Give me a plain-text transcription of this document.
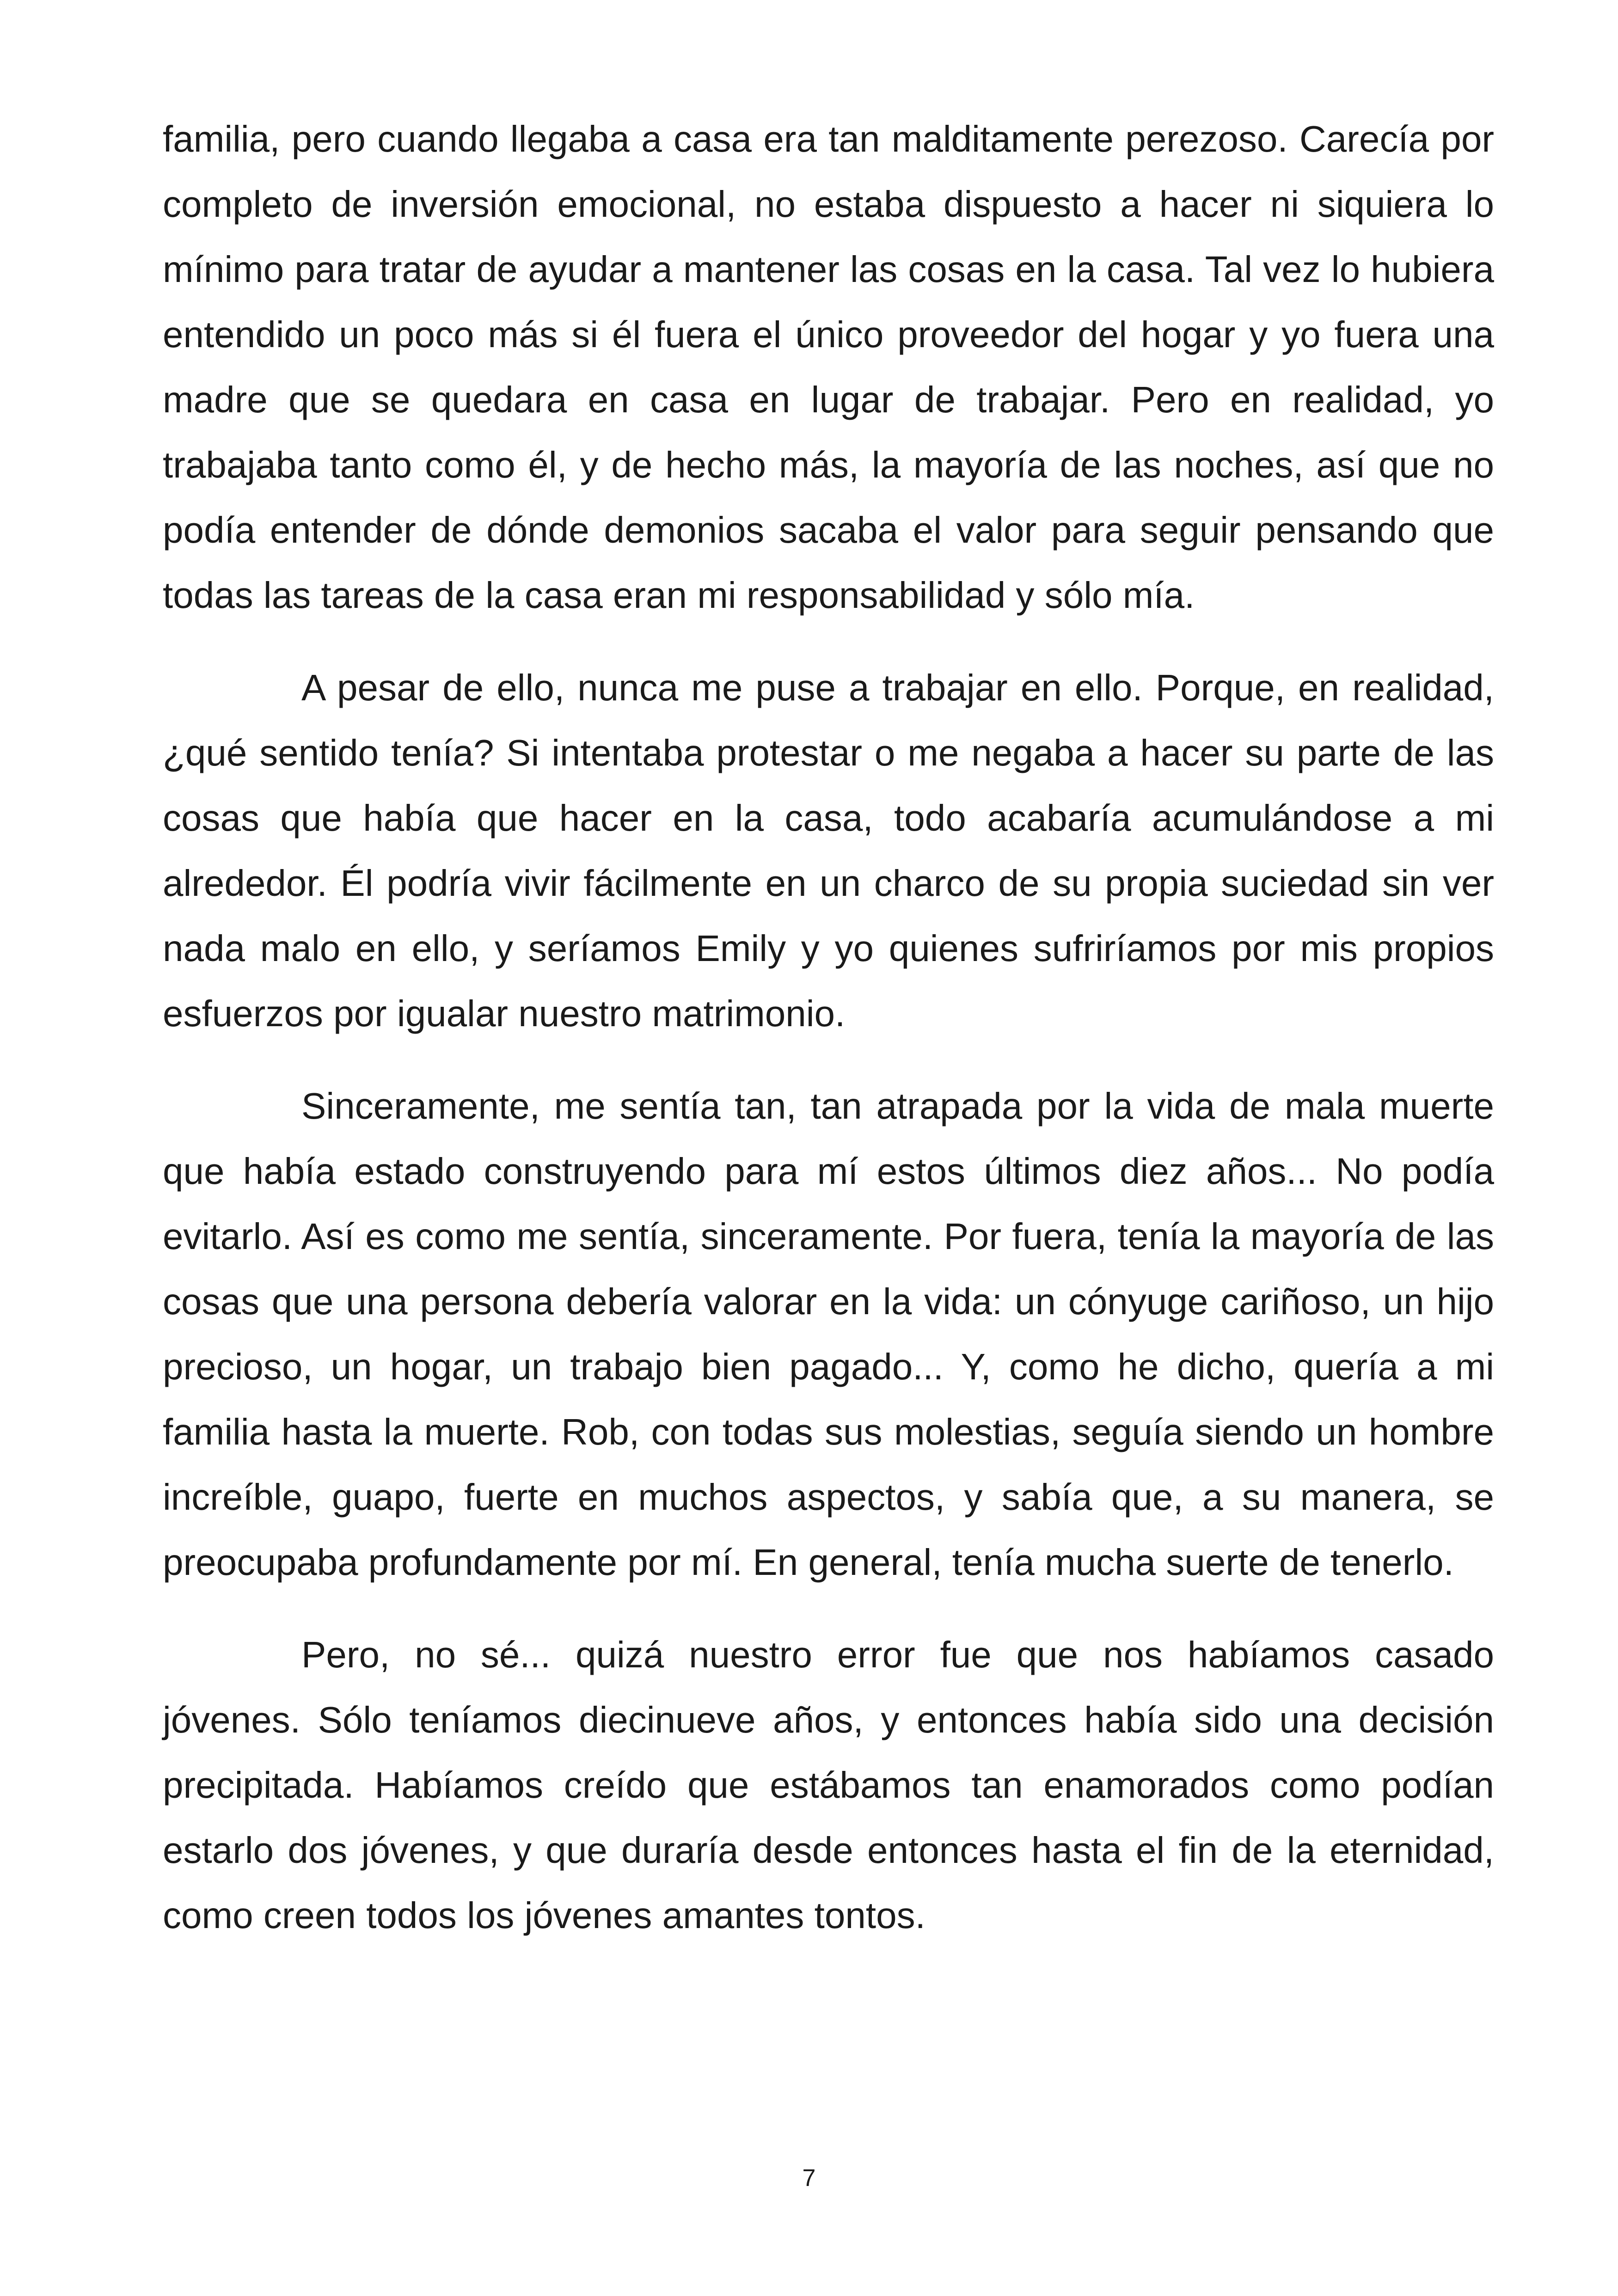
familia, pero cuando llegaba a casa era tan malditamente perezoso. Carecía por completo de inversión emocional, no estaba dispuesto a hacer ni siquiera lo mínimo para tratar de ayudar a mantener las cosas en la casa. Tal vez lo hubiera entendido un poco más si él fuera el único proveedor del hogar y yo fuera una madre que se quedara en casa en lugar de trabajar. Pero en realidad, yo trabajaba tanto como él, y de hecho más, la mayoría de las noches, así que no podía entender de dónde demonios sacaba el valor para seguir pensando que todas las tareas de la casa eran mi responsabilidad y sólo mía.

A pesar de ello, nunca me puse a trabajar en ello. Porque, en realidad, ¿qué sentido tenía? Si intentaba protestar o me negaba a hacer su parte de las cosas que había que hacer en la casa, todo acabaría acumulándose a mi alrededor. Él podría vivir fácilmente en un charco de su propia suciedad sin ver nada malo en ello, y seríamos Emily y yo quienes sufriríamos por mis propios esfuerzos por igualar nuestro matrimonio.

Sinceramente, me sentía tan, tan atrapada por la vida de mala muerte que había estado construyendo para mí estos últimos diez años... No podía evitarlo. Así es como me sentía, sinceramente. Por fuera, tenía la mayoría de las cosas que una persona debería valorar en la vida: un cónyuge cariñoso, un hijo precioso, un hogar, un trabajo bien pagado... Y, como he dicho, quería a mi familia hasta la muerte. Rob, con todas sus molestias, seguía siendo un hombre increíble, guapo, fuerte en muchos aspectos, y sabía que, a su manera, se preocupaba profundamente por mí. En general, tenía mucha suerte de tenerlo.

Pero, no sé... quizá nuestro error fue que nos habíamos casado jóvenes. Sólo teníamos diecinueve años, y entonces había sido una decisión precipitada. Habíamos creído que estábamos tan enamorados como podían estarlo dos jóvenes, y que duraría desde entonces hasta el fin de la eternidad, como creen todos los jóvenes amantes tontos.

7
